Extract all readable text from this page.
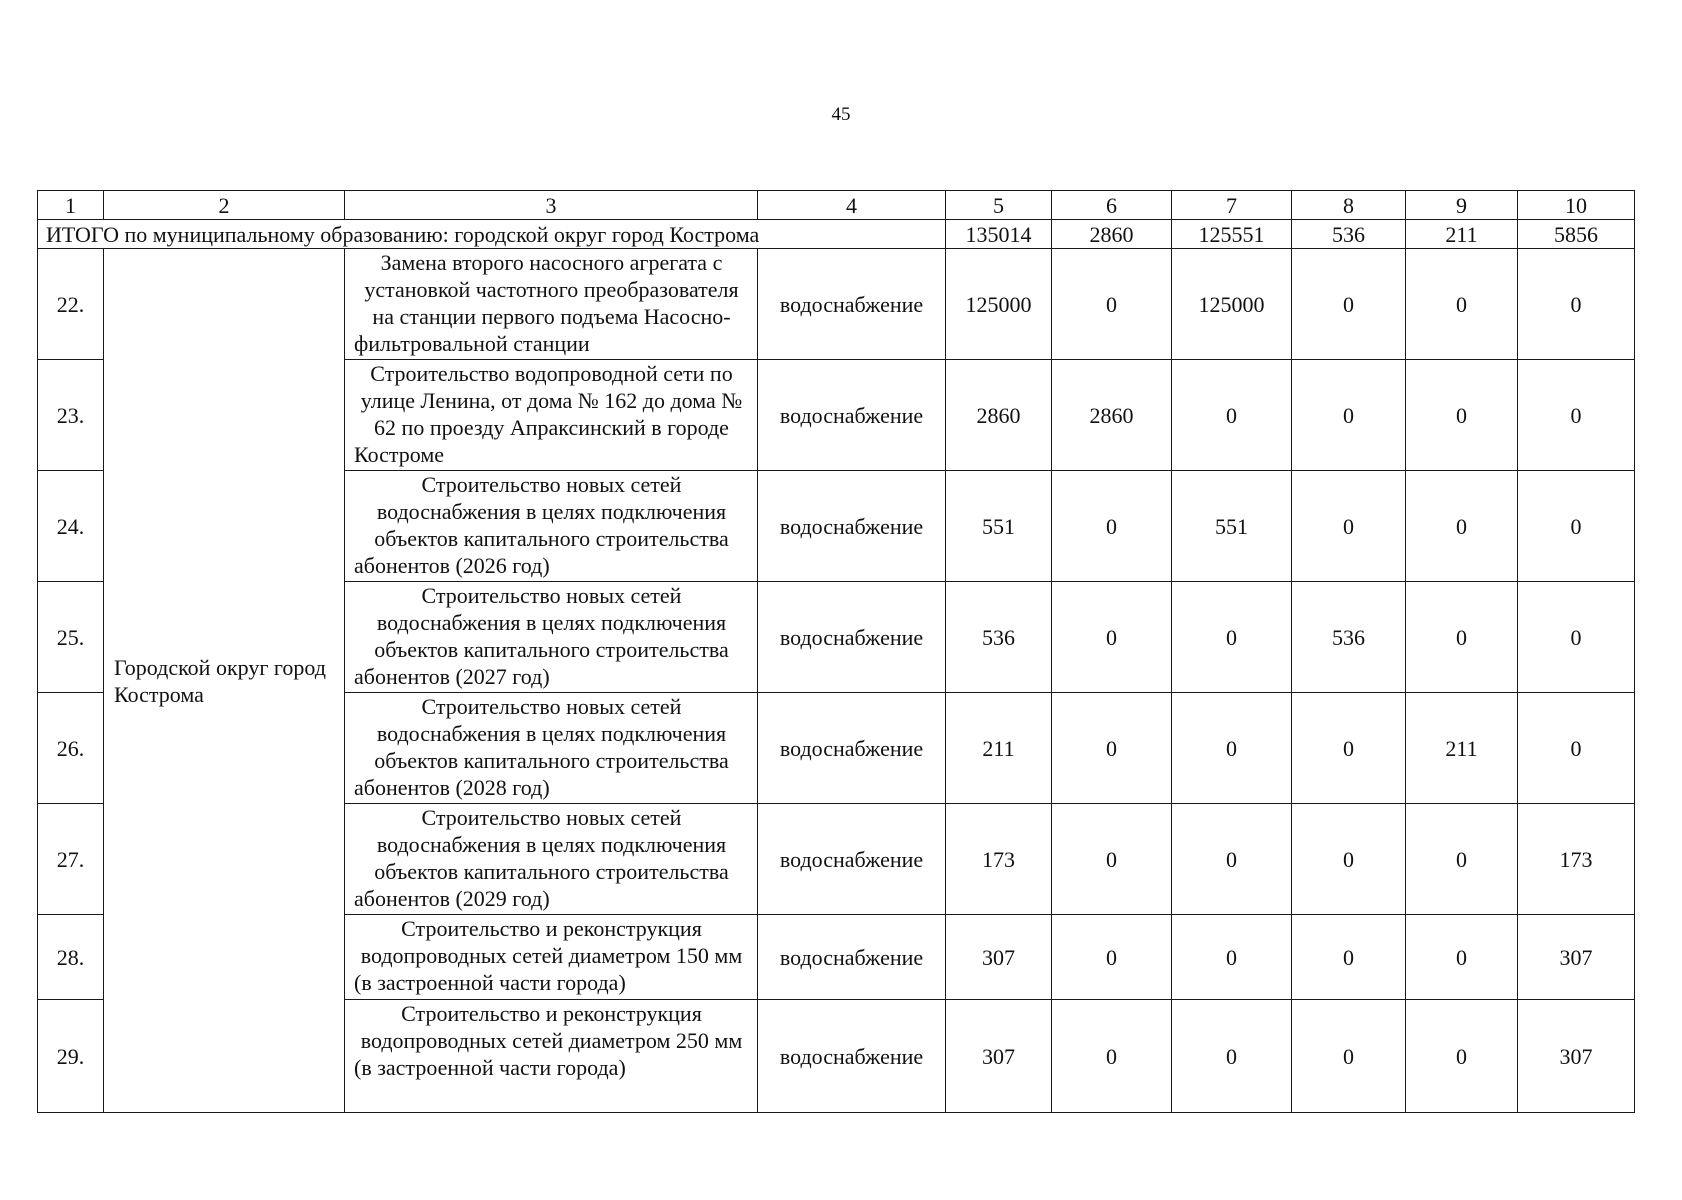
45
1	2	3	4	5	6	7	8	9	10
ИТОГО по муниципальному образованию: городской округ город Кострома				135014	2860	125551	536	211	5856
22.	Городской округ город Кострома	Замена второго насосного агрегата с установкой частотного преобразователя на станции первого подъема Насосно-фильтровальной станции	водоснабжение	125000	0	125000	0	0	0
23.		Строительство водопроводной сети по улице Ленина, от дома № 162 до дома № 62 по проезду Апраксинский в городе Костроме	водоснабжение	2860	2860	0	0	0	0
24.		Строительство новых сетей водоснабжения в целях подключения объектов капитального строительства абонентов (2026 год)	водоснабжение	551	0	551	0	0	0
25.		Строительство новых сетей водоснабжения в целях подключения объектов капитального строительства абонентов (2027 год)	водоснабжение	536	0	0	536	0	0
26.		Строительство новых сетей водоснабжения в целях подключения объектов капитального строительства абонентов (2028 год)	водоснабжение	211	0	0	0	211	0
27.		Строительство новых сетей водоснабжения в целях подключения объектов капитального строительства абонентов (2029 год)	водоснабжение	173	0	0	0	0	173
28.		Строительство и реконструкция водопроводных сетей диаметром 150 мм (в застроенной части города)	водоснабжение	307	0	0	0	0	307
29.		Строительство и реконструкция водопроводных сетей диаметром 250 мм (в застроенной части города)	водоснабжение	307	0	0	0	0	307
